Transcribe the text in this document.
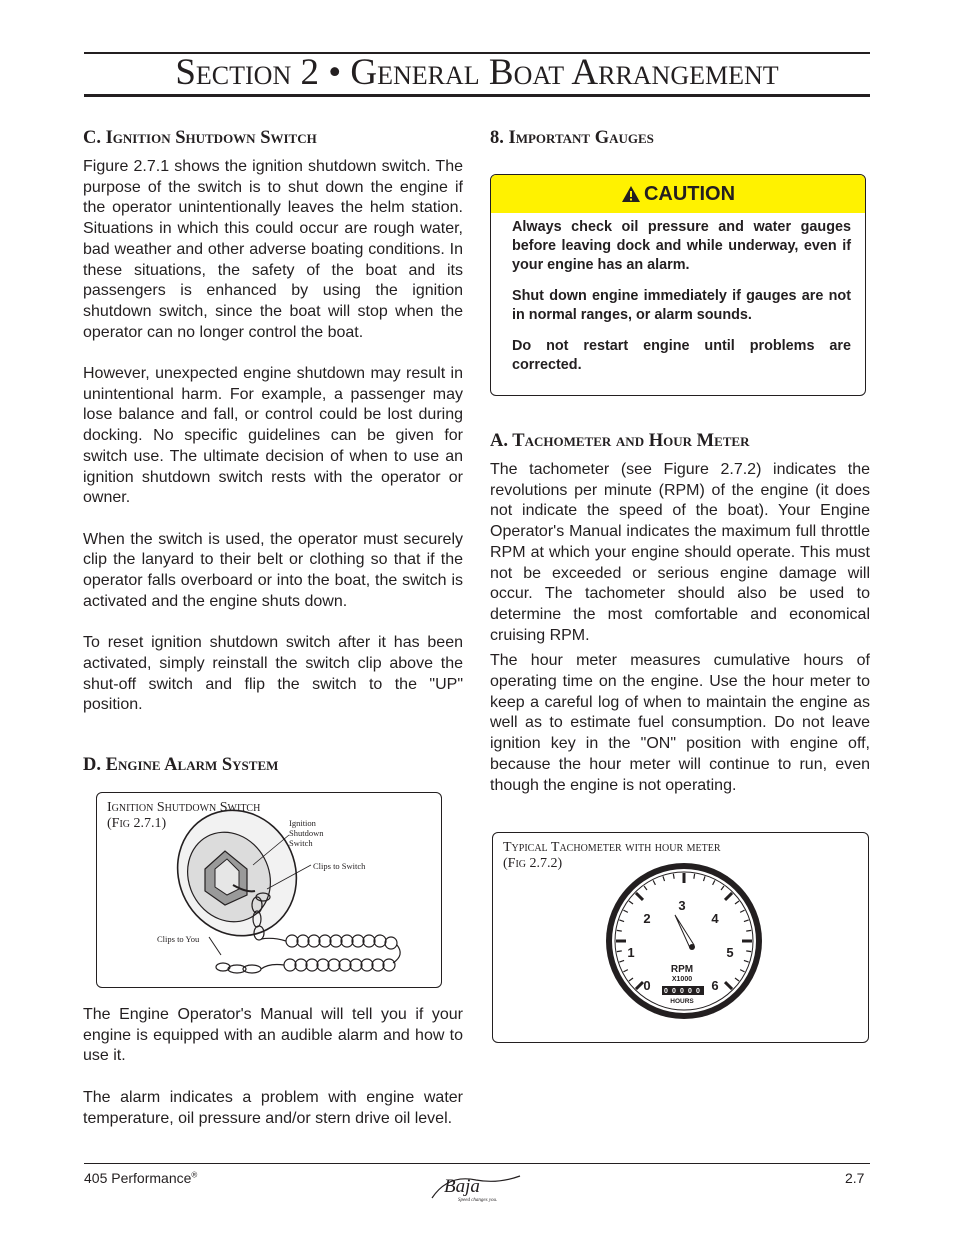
Section 2 • General Boat Arrangement
C. Ignition Shutdown Switch

Figure 2.7.1 shows the ignition shutdown switch. The purpose of the switch is to shut down the engine if the operator unintentionally leaves the helm station. Situations in which this could occur are rough water, bad weather and other adverse boating conditions. In these situations, the safety of the boat and its passengers is enhanced by using the ignition shutdown switch, since the boat will stop when the operator can no longer control the boat.

However, unexpected engine shutdown may result in unintentional harm. For example, a passenger may lose balance and fall, or control could be lost during docking. No specific guidelines can be given for switch use. The ultimate decision of when to use an ignition shutdown switch rests with the operator or owner.

When the switch is used, the operator must securely clip the lanyard to their belt or clothing so that if the operator falls overboard or into the boat, the switch is activated and the engine shuts down.

To reset ignition shutdown switch after it has been activated, simply reinstall the switch clip above the shut-off switch and flip the switch to the "UP" position.

D. Engine Alarm System

The Engine Operator's Manual will tell you if your engine is equipped with an audible alarm and how to use it.

The alarm indicates a problem with engine water temperature, oil pressure and/or stern drive oil level.

Ignition Shutdown Switch
(Fig 2.7.1)	Ignition
Shutdown
Switch
Clips to Switch
Clips to You
8. Important Gauges
CAUTION

Always check oil pressure and water gauges before leaving dock and while underway, even if your engine has an alarm.

Shut down engine immediately if gauges are not in normal ranges, or alarm sounds.

Do not restart engine until problems are corrected.

A. Tachometer and Hour Meter

The tachometer (see Figure 2.7.2) indicates the revolutions per minute (RPM) of the engine (it does not indicate the speed of the boat). Your Engine Operator's Manual indicates the maximum full throttle RPM at which your engine should operate. This must not be exceeded or serious engine damage will occur. The tachometer should also be used to determine the most comfortable and economical cruising RPM.

The hour meter measures cumulative hours of operating time on the engine. Use the hour meter to keep a careful log of when to maintain the engine as well as to estimate fuel consumption. Do not leave ignition key in the "ON" position with engine off, because the hour meter will continue to run, even though the engine is not operating.

Typical Tachometer with hour meter
(Fig 2.7.2)
0
1
2
3
4
5
6
RPM
X1000
0 0 0 0 0
HOURS
405 Performance®
Baja
Speed changes you.
2.7
